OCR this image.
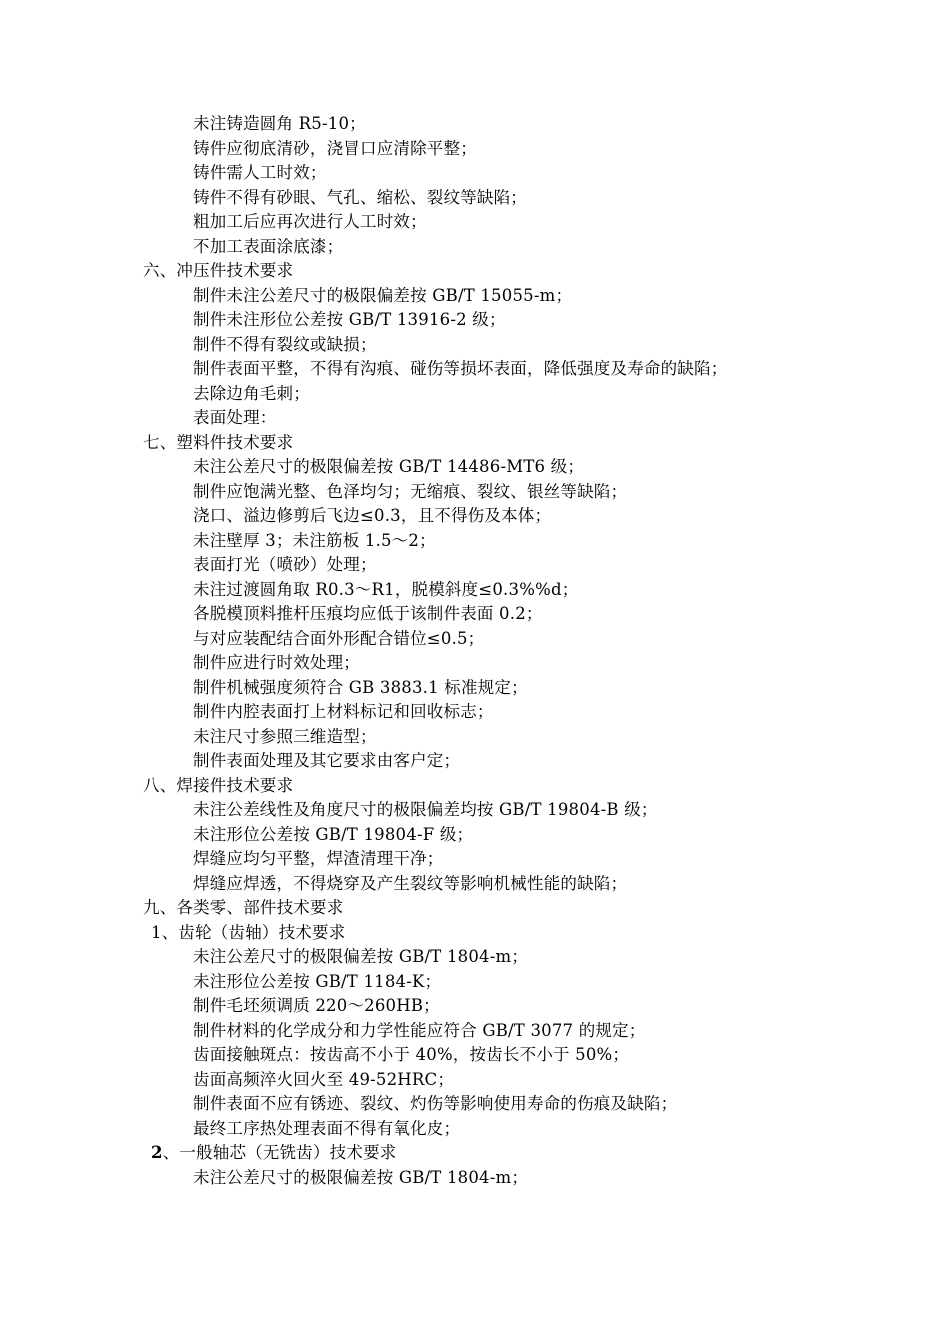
未注铸造圆角 R5-10；
铸件应彻底清砂，浇冒口应清除平整；
铸件需人工时效；
铸件不得有砂眼、气孔、缩松、裂纹等缺陷；
粗加工后应再次进行人工时效；
不加工表面涂底漆；
六、冲压件技术要求
制件未注公差尺寸的极限偏差按 GB/T 15055-m；
制件未注形位公差按 GB/T 13916-2 级；
制件不得有裂纹或缺损；
制件表面平整，不得有沟痕、碰伤等损坏表面，降低强度及寿命的缺陷；
去除边角毛刺；
表面处理：
七、塑料件技术要求
未注公差尺寸的极限偏差按 GB/T 14486-MT6 级；
制件应饱满光整、色泽均匀；无缩痕、裂纹、银丝等缺陷；
浇口、溢边修剪后飞边≤0.3，且不得伤及本体；
未注壁厚 3；未注筋板 1.5～2；
表面打光（喷砂）处理；
未注过渡圆角取 R0.3～R1，脱模斜度≤0.3%%d；
各脱模顶料推杆压痕均应低于该制件表面 0.2；
与对应装配结合面外形配合错位≤0.5；
制件应进行时效处理；
制件机械强度须符合 GB 3883.1 标准规定；
制件内腔表面打上材料标记和回收标志；
未注尺寸参照三维造型；
制件表面处理及其它要求由客户定；
八、焊接件技术要求
未注公差线性及角度尺寸的极限偏差均按 GB/T 19804-B 级；
未注形位公差按 GB/T 19804-F 级；
焊缝应均匀平整，焊渣清理干净；
焊缝应焊透，不得烧穿及产生裂纹等影响机械性能的缺陷；
九、各类零、部件技术要求
1、齿轮（齿轴）技术要求
未注公差尺寸的极限偏差按 GB/T 1804-m；
未注形位公差按 GB/T 1184-K；
制件毛坯须调质 220～260HB；
制件材料的化学成分和力学性能应符合 GB/T 3077 的规定；
齿面接触斑点：按齿高不小于 40%，按齿长不小于 50%；
齿面高频淬火回火至 49-52HRC；
制件表面不应有锈迹、裂纹、灼伤等影响使用寿命的伤痕及缺陷；
最终工序热处理表面不得有氧化皮；
2、一般轴芯（无铣齿）技术要求
未注公差尺寸的极限偏差按 GB/T 1804-m；
